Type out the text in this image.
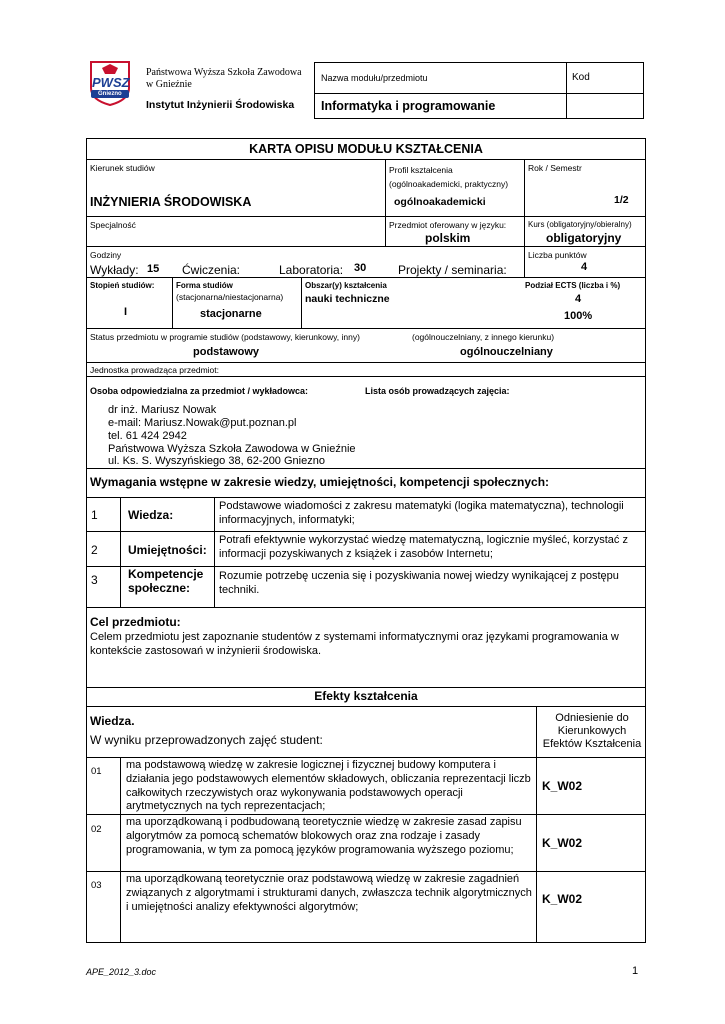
PWSZ
Gniezno
Państwowa Wyższa Szkoła Zawodowa
w Gnieźnie
Instytut Inżynierii Środowiska
Nazwa modułu/przedmiotu	Kod
Informatyka i programowanie
KARTA OPISU MODUŁU KSZTAŁCENIA
Kierunek studiów
INŻYNIERIA ŚRODOWISKA
Profil kształcenia
(ogólnoakademicki, praktyczny)
ogólnoakademicki
Rok / Semestr
1/2
Specjalność	Przedmiot oferowany w języku:
polskim
Kurs (obligatoryjny/obieralny)
obligatoryjny
Godziny
Wykłady: 15 Ćwiczenia:	Laboratoria: 30	Projekty / seminaria:
Liczba punktów
4
Stopień studiów:
I
Forma studiów
(stacjonarna/niestacjonarna)
stacjonarne
Obszar(y) kształcenia
nauki techniczne
Podział ECTS (liczba i %)
4
100%
Status przedmiotu w programie studiów (podstawowy, kierunkowy, inny)
podstawowy
(ogólnouczelniany, z innego kierunku)
ogólnouczelniany
Jednostka prowadząca przedmiot:
Osoba odpowiedzialna za przedmiot / wykładowca:	Lista osób prowadzących zajęcia:
dr inż. Mariusz Nowak
e-mail: Mariusz.Nowak@put.poznan.pl
tel. 61 424 2942
Państwowa Wyższa Szkoła Zawodowa w Gnieźnie
ul. Ks. S. Wyszyńskiego 38, 62-200 Gniezno
Wymagania wstępne w zakresie wiedzy, umiejętności, kompetencji społecznych:
1	Wiedza:
Podstawowe wiadomości z zakresu matematyki (logika matematyczna), technologii informacyjnych, informatyki;
2	Umiejętności:
Potrafi efektywnie wykorzystać wiedzę matematyczną, logicznie myśleć, korzystać z informacji pozyskiwanych z książek i zasobów Internetu;
3	Kompetencje społeczne:
Rozumie potrzebę uczenia się i pozyskiwania nowej wiedzy wynikającej z postępu techniki.
Cel przedmiotu:
Celem przedmiotu jest zapoznanie studentów z systemami informatycznymi oraz językami programowania w kontekście zastosowań w inżynierii środowiska.
Efekty kształcenia
Wiedza.
W wyniku przeprowadzonych zajęć student:
Odniesienie do Kierunkowych Efektów Kształcenia
01
ma podstawową wiedzę w zakresie logicznej i fizycznej budowy komputera i działania jego podstawowych elementów składowych, obliczania reprezentacji liczb całkowitych rzeczywistych oraz wykonywania podstawowych operacji arytmetycznych na tych reprezentacjach;
K_W02
02
ma uporządkowaną i podbudowaną teoretycznie wiedzę w zakresie zasad zapisu algorytmów za pomocą schematów blokowych oraz zna rodzaje i zasady programowania, w tym za pomocą języków programowania wyższego poziomu;	K_W02
03
ma uporządkowaną teoretycznie oraz podstawową wiedzę w zakresie zagadnień związanych z algorytmami i strukturami danych, zwłaszcza technik algorytmicznych i umiejętności analizy efektywności algorytmów;
K_W02
APE_2012_3.doc	1
